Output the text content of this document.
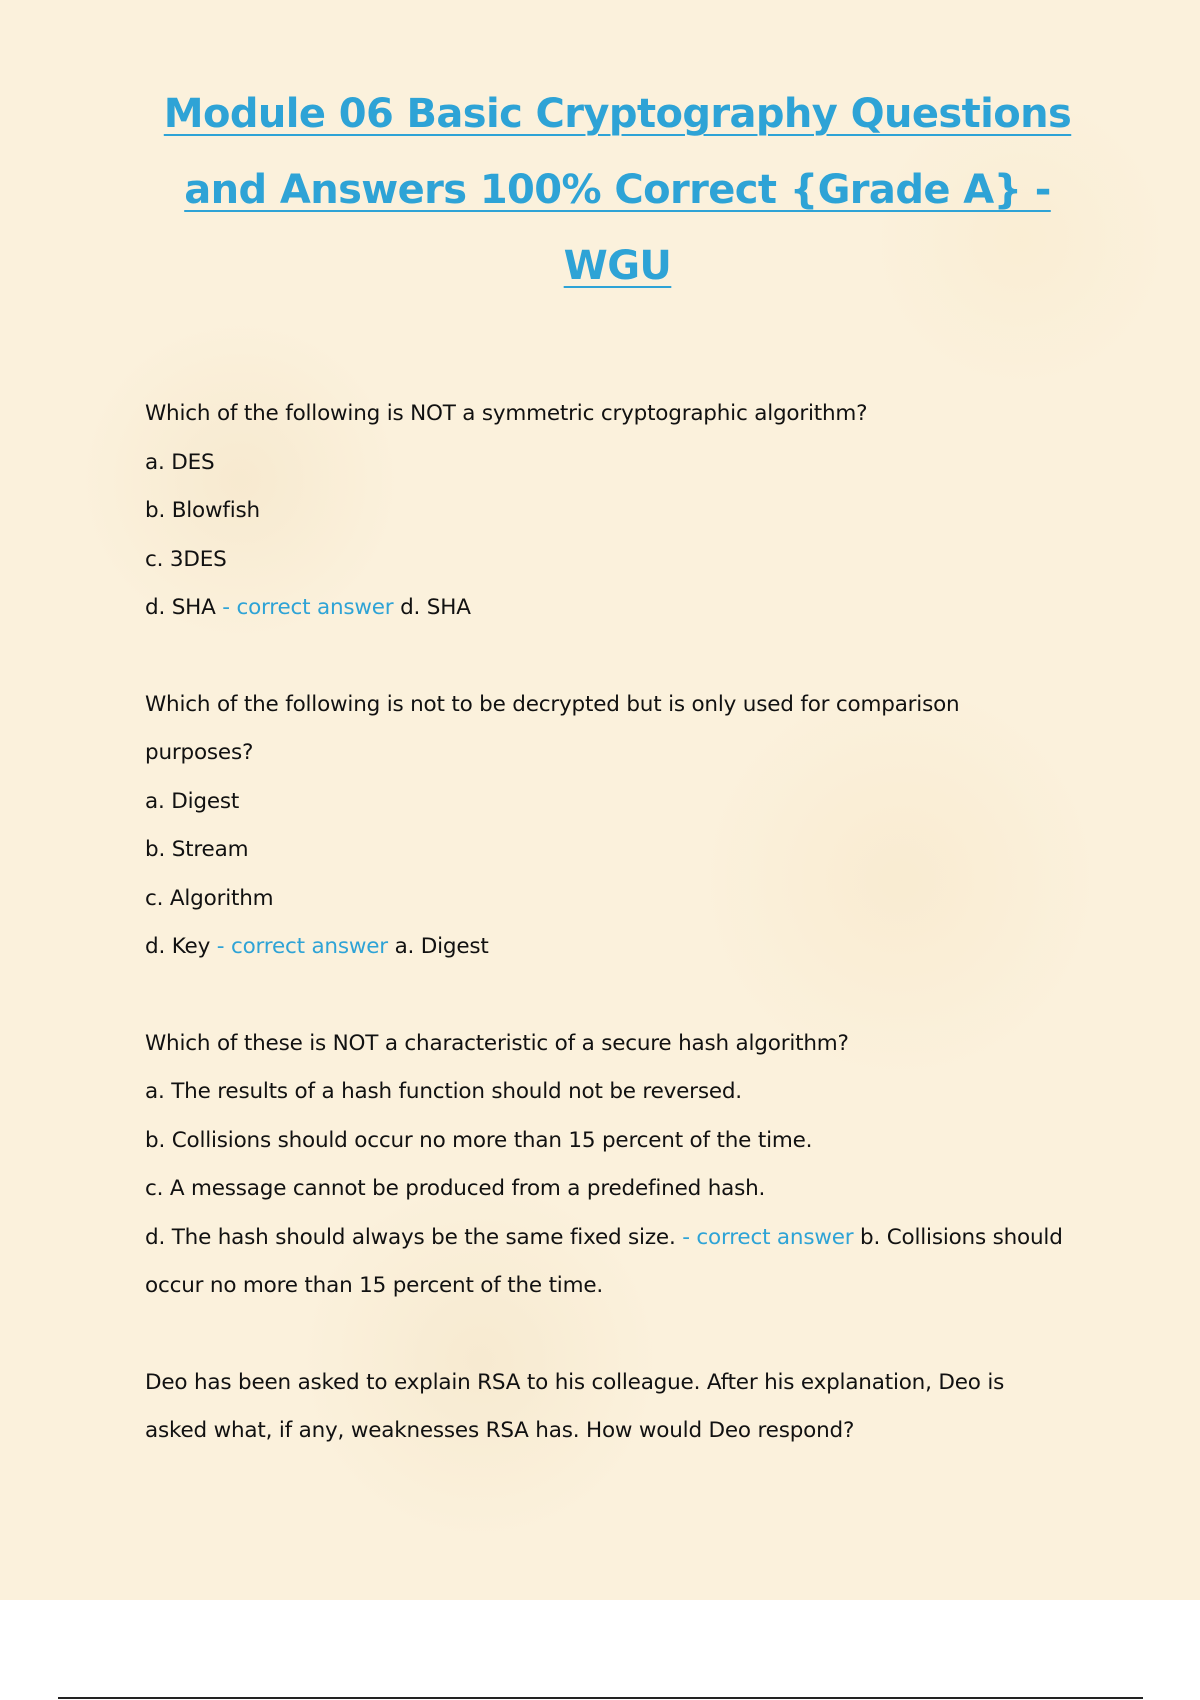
Module 06 Basic Cryptography Questions
and Answers 100% Correct {Grade A} -
WGU

Which of the following is NOT a symmetric cryptographic algorithm?

a. DES

b. Blowfish

c. 3DES

d. SHA - correct answer d. SHA

Which of the following is not to be decrypted but is only used for comparison

purposes?

a. Digest

b. Stream

c. Algorithm

d. Key - correct answer a. Digest

Which of these is NOT a characteristic of a secure hash algorithm?

a. The results of a hash function should not be reversed.

b. Collisions should occur no more than 15 percent of the time.

c. A message cannot be produced from a predefined hash.

d. The hash should always be the same fixed size. - correct answer b. Collisions should

occur no more than 15 percent of the time.

Deo has been asked to explain RSA to his colleague. After his explanation, Deo is

asked what, if any, weaknesses RSA has. How would Deo respond?
